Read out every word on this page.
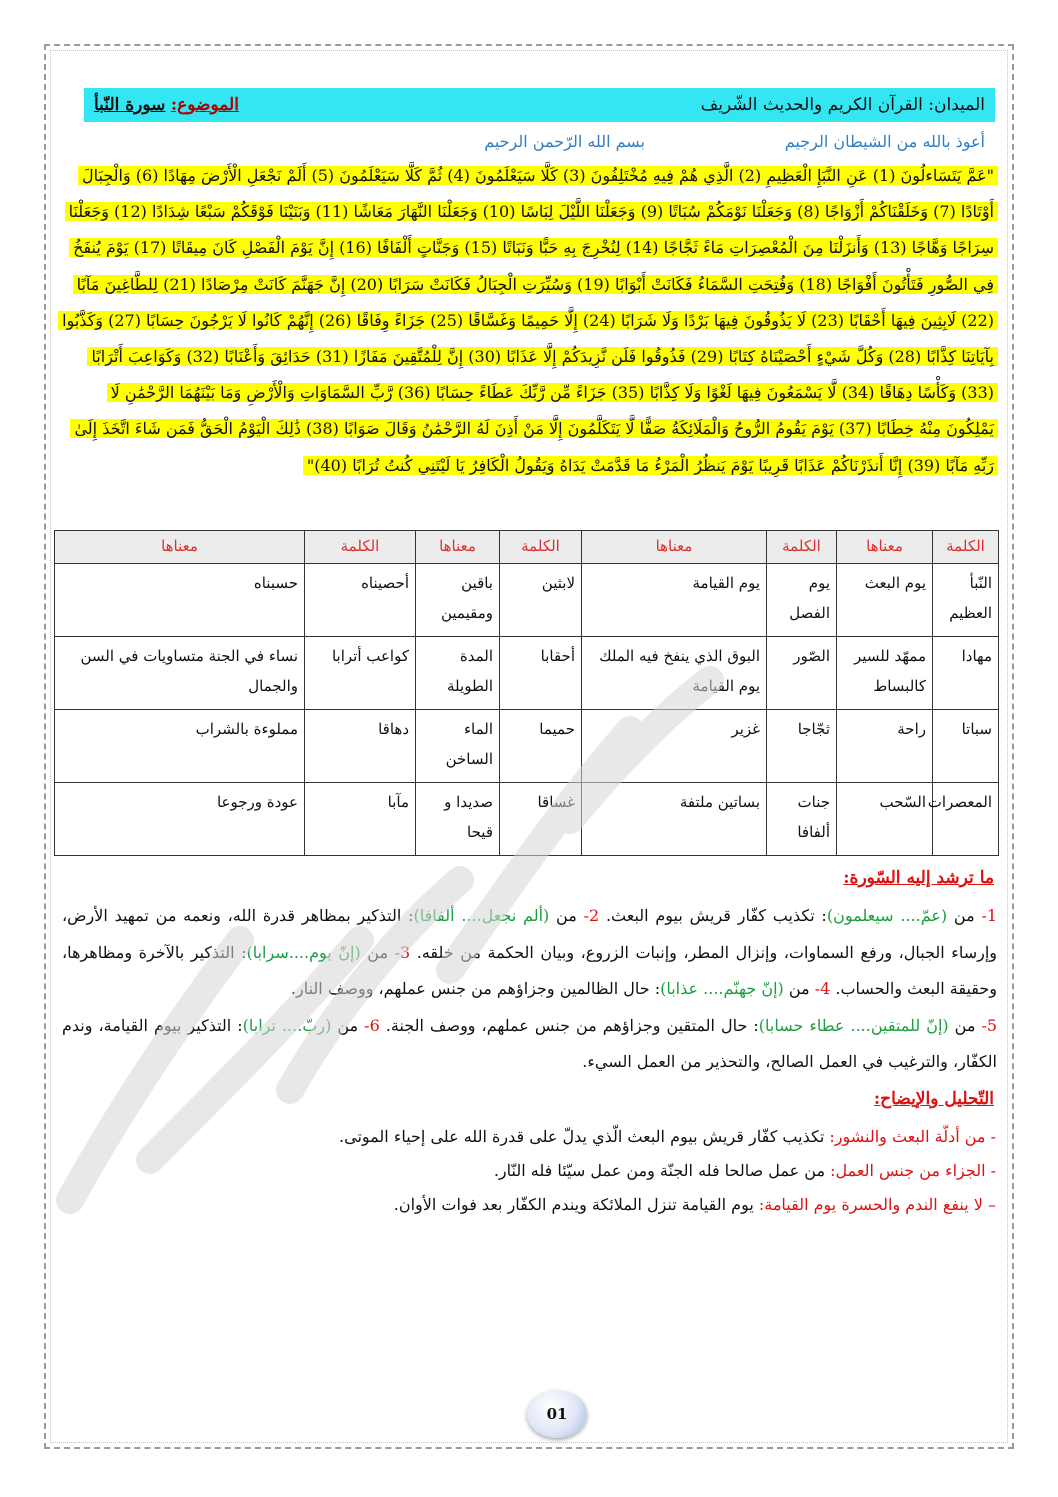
الميدان: القرآن الكريم والحديث الشّريف
الموضوع: سورة النّبأ
أعوذ بالله من الشيطان الرجيم
بسم الله الرّحمن الرحيم
"عَمَّ يَتَسَاءلُونَ (1) عَنِ النَّبَإِ الْعَظِيمِ (2) الَّذِي هُمْ فِيهِ مُخْتَلِفُونَ (3) كَلَّا سَيَعْلَمُونَ (4) ثُمَّ كَلَّا سَيَعْلَمُونَ (5) أَلَمْ نَجْعَلِ الْأَرْضَ مِهَادًا (6) وَالْجِبَالَ أَوْتَادًا (7) وَخَلَقْنَاكُمْ أَزْوَاجًا (8) وَجَعَلْنَا نَوْمَكُمْ سُبَاتًا (9) وَجَعَلْنَا اللَّيْلَ لِبَاسًا (10) وَجَعَلْنَا النَّهَارَ مَعَاشًا (11) وَبَنَيْنَا فَوْقَكُمْ سَبْعًا شِدَادًا (12) وَجَعَلْنَا سِرَاجًا وَهَّاجًا (13) وَأَنزَلْنَا مِنَ الْمُعْصِرَاتِ مَاءً ثَجَّاجًا (14) لِنُخْرِجَ بِهِ حَبًّا وَنَبَاتًا (15) وَجَنَّاتٍ أَلْفَافًا (16) إِنَّ يَوْمَ الْفَصْلِ كَانَ مِيقَاتًا (17) يَوْمَ يُنفَخُ فِي الصُّورِ فَتَأْتُونَ أَفْوَاجًا (18) وَفُتِحَتِ السَّمَاءُ فَكَانَتْ أَبْوَابًا (19) وَسُيِّرَتِ الْجِبَالُ فَكَانَتْ سَرَابًا (20) إِنَّ جَهَنَّمَ كَانَتْ مِرْصَادًا (21) لِلطَّاغِينَ مَآبًا (22) لَابِثِينَ فِيهَا أَحْقَابًا (23) لَا يَذُوقُونَ فِيهَا بَرْدًا وَلَا شَرَابًا (24) إِلَّا حَمِيمًا وَغَسَّاقًا (25) جَزَاءً وِفَاقًا (26) إِنَّهُمْ كَانُوا لَا يَرْجُونَ حِسَابًا (27) وَكَذَّبُوا بِآيَاتِنَا كِذَّابًا (28) وَكُلَّ شَيْءٍ أَحْصَيْنَاهُ كِتَابًا (29) فَذُوقُوا فَلَن نَّزِيدَكُمْ إِلَّا عَذَابًا (30) إِنَّ لِلْمُتَّقِينَ مَفَازًا (31) حَدَائِقَ وَأَعْنَابًا (32) وَكَوَاعِبَ أَتْرَابًا (33) وَكَأْسًا دِهَاقًا (34) لَّا يَسْمَعُونَ فِيهَا لَغْوًا وَلَا كِذَّابًا (35) جَزَاءً مِّن رَّبِّكَ عَطَاءً حِسَابًا (36) رَّبِّ السَّمَاوَاتِ وَالْأَرْضِ وَمَا بَيْنَهُمَا الرَّحْمَٰنِ لَا يَمْلِكُونَ مِنْهُ خِطَابًا (37) يَوْمَ يَقُومُ الرُّوحُ وَالْمَلَائِكَةُ صَفًّا لَّا يَتَكَلَّمُونَ إِلَّا مَنْ أَذِنَ لَهُ الرَّحْمَٰنُ وَقَالَ صَوَابًا (38) ذَٰلِكَ الْيَوْمُ الْحَقُّ فَمَن شَاءَ اتَّخَذَ إِلَىٰ رَبِّهِ مَآبًا (39) إِنَّا أَنذَرْنَاكُمْ عَذَابًا قَرِيبًا يَوْمَ يَنظُرُ الْمَرْءُ مَا قَدَّمَتْ يَدَاهُ وَيَقُولُ الْكَافِرُ يَا لَيْتَنِي كُنتُ تُرَابًا (40)"
الكلمة	معناها	الكلمة	معناها	الكلمة	معناها	الكلمة	معناها
النّبأ العظيم	يوم البعث	يوم الفصل	يوم القيامة	لابثين	باقين ومقيمين	أحصيناه	حسبناه
مهادا	ممهّد للسير كالبساط	الصّور	البوق الذي ينفخ فيه الملك يوم القيامة	أحقابا	المدة الطويلة	كواعب أترابا	نساء في الجنة متساويات في السن والجمال
سباتا	راحة	ثجّاجا	غزير	حميما	الماء الساخن	دهاقا	مملوءة بالشراب
المعصرات	السّحب	جنات ألفافا	بساتين ملتفة	غساقا	صديدا و قيحا	مآبا	عودة ورجوعا
ما ترشد إليه السّورة:
1- من (عمّ.... سيعلمون): تكذيب كفّار قريش بيوم البعث. 2- من (ألم نجعل.... ألفافا): التذكير بمظاهر قدرة الله، ونعمه من تمهيد الأرض، وإرساء الجبال، ورفع السماوات، وإنزال المطر، وإنبات الزروع، وبيان الحكمة من خلقه. 3- من (إنّ يوم....سرابا): التذكير بالآخرة ومظاهرها، وحقيقة البعث والحساب. 4- من (إنّ جهنّم.... عذابا): حال الظالمين وجزاؤهم من جنس عملهم، ووصف النار.
5- من (إنّ للمتقين.... عطاء حسابا): حال المتقين وجزاؤهم من جنس عملهم، ووصف الجنة. 6- من (ربّ.... ترابا): التذكير بيوم القيامة، وندم الكفّار، والترغيب في العمل الصالح، والتحذير من العمل السيء.
التّحليل والإيضاح:
- من أدلّة البعث والنشور: تكذيب كفّار قريش بيوم البعث الّذي يدلّ على قدرة الله على إحياء الموتى.
- الجزاء من جنس العمل: من عمل صالحا فله الجنّة ومن عمل سيّئا فله النّار.
– لا ينفع الندم والحسرة يوم القيامة: يوم القيامة تنزل الملائكة ويندم الكفّار بعد فوات الأوان.
01
